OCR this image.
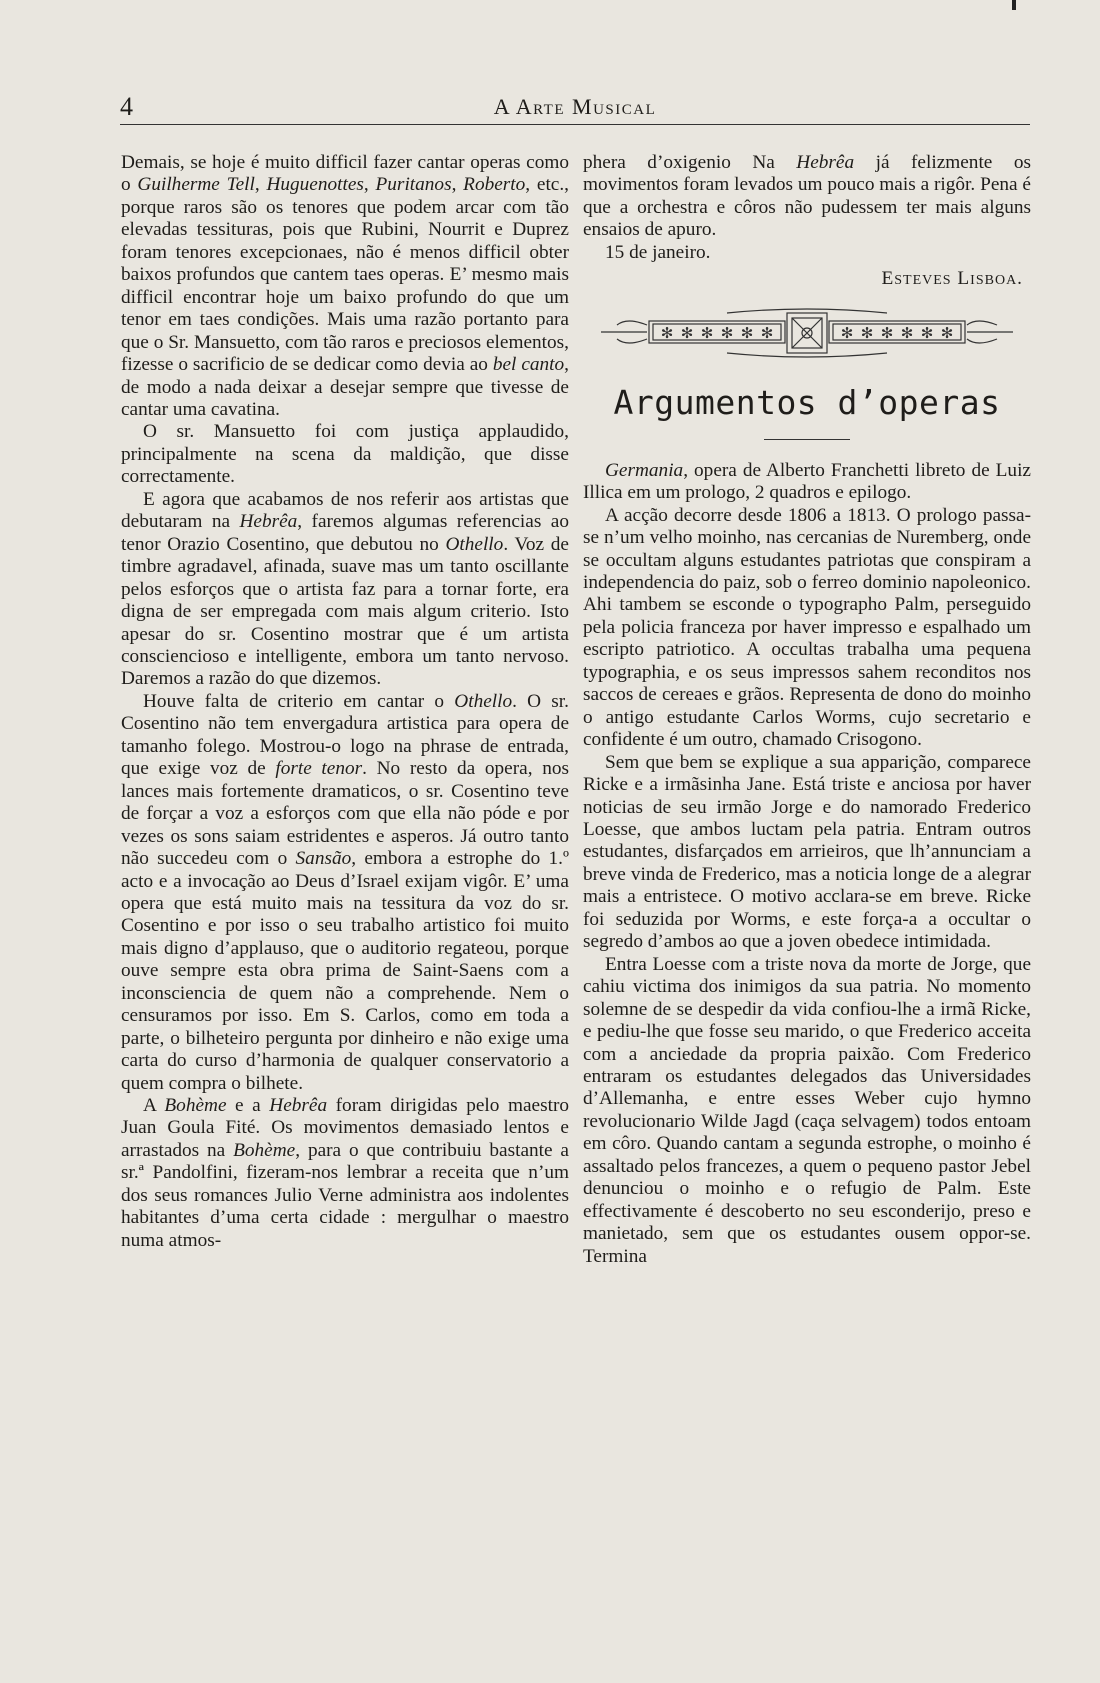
4	A Arte Musical

Demais, se hoje é muito difficil fazer cantar operas como o Guilherme Tell, Huguenottes, Puritanos, Roberto, etc., porque raros são os tenores que podem arcar com tão elevadas tessituras, pois que Rubini, Nourrit e Duprez foram tenores excepcionaes, não é menos difficil obter baixos profundos que cantem taes operas. E’ mesmo mais difficil encontrar hoje um baixo profundo do que um tenor em taes condições. Mais uma razão portanto para que o Sr. Mansuetto, com tão raros e preciosos elementos, fizesse o sacrificio de se dedicar como devia ao bel canto, de modo a nada deixar a desejar sempre que tivesse de cantar uma cavatina.

O sr. Mansuetto foi com justiça applaudido, principalmente na scena da maldição, que disse correctamente.

E agora que acabamos de nos referir aos artistas que debutaram na Hebrêa, faremos algumas referencias ao tenor Orazio Cosentino, que debutou no Othello. Voz de timbre agradavel, afinada, suave mas um tanto oscillante pelos esforços que o artista faz para a tornar forte, era digna de ser empregada com mais algum criterio. Isto apesar do sr. Cosentino mostrar que é um artista consciencioso e intelligente, embora um tanto nervoso. Daremos a razão do que dizemos.

Houve falta de criterio em cantar o Othello. O sr. Cosentino não tem envergadura artistica para opera de tamanho folego. Mostrou-o logo na phrase de entrada, que exige voz de forte tenor. No resto da opera, nos lances mais fortemente dramaticos, o sr. Cosentino teve de forçar a voz a esforços com que ella não póde e por vezes os sons saiam estridentes e asperos. Já outro tanto não succedeu com o Sansão, embora a estrophe do 1.º acto e a invocação ao Deus d’Israel exijam vigôr. E’ uma opera que está muito mais na tessitura da voz do sr. Cosentino e por isso o seu trabalho artistico foi muito mais digno d’applauso, que o auditorio regateou, porque ouve sempre esta obra prima de Saint-Saens com a inconsciencia de quem não a comprehende. Nem o censuramos por isso. Em S. Carlos, como em toda a parte, o bilheteiro pergunta por dinheiro e não exige uma carta do curso d’harmonia de qualquer conservatorio a quem compra o bilhete.

A Bohème e a Hebrêa foram dirigidas pelo maestro Juan Goula Fité. Os movimentos demasiado lentos e arrastados na Bohème, para o que contribuiu bastante a sr.ª Pandolfini, fizeram-nos lembrar a receita que n’um dos seus romances Julio Verne administra aos indolentes habitantes d’uma certa cidade : mergulhar o maestro numa atmos-

phera d’oxigenio Na Hebrêa já felizmente os movimentos foram levados um pouco mais a rigôr. Pena é que a orchestra e côros não pudessem ter mais alguns ensaios de apuro.

15 de janeiro.

Esteves Lisboa.
✻ ✻ ✻ ✻ ✻ ✻	✻ ✻ ✻ ✻ ✻ ✻
Argumentos d’operas

Germania, opera de Alberto Franchetti libreto de Luiz Illica em um prologo, 2 quadros e epilogo.

A acção decorre desde 1806 a 1813. O prologo passa-se n’um velho moinho, nas cercanias de Nuremberg, onde se occultam alguns estudantes patriotas que conspiram a independencia do paiz, sob o ferreo dominio napoleonico. Ahi tambem se esconde o typographo Palm, perseguido pela policia franceza por haver impresso e espalhado um escripto patriotico. A occultas trabalha uma pequena typographia, e os seus impressos sahem reconditos nos saccos de cereaes e grãos. Representa de dono do moinho o antigo estudante Carlos Worms, cujo secretario e confidente é um outro, chamado Crisogono.

Sem que bem se explique a sua apparição, comparece Ricke e a irmãsinha Jane. Está triste e anciosa por haver noticias de seu irmão Jorge e do namorado Frederico Loesse, que ambos luctam pela patria. Entram outros estudantes, disfarçados em arrieiros, que lh’annunciam a breve vinda de Frederico, mas a noticia longe de a alegrar mais a entristece. O motivo acclara-se em breve. Ricke foi seduzida por Worms, e este força-a a occultar o segredo d’ambos ao que a joven obedece intimidada.

Entra Loesse com a triste nova da morte de Jorge, que cahiu victima dos inimigos da sua patria. No momento solemne de se despedir da vida confiou-lhe a irmã Ricke, e pediu-lhe que fosse seu marido, o que Frederico acceita com a anciedade da propria paixão. Com Frederico entraram os estudantes delegados das Universidades d’Allemanha, e entre esses Weber cujo hymno revolucionario Wilde Jagd (caça selvagem) todos entoam em côro. Quando cantam a segunda estrophe, o moinho é assaltado pelos francezes, a quem o pequeno pastor Jebel denunciou o moinho e o refugio de Palm. Este effectivamente é descoberto no seu esconderijo, preso e manietado, sem que os estudantes ousem oppor-se. Termina
